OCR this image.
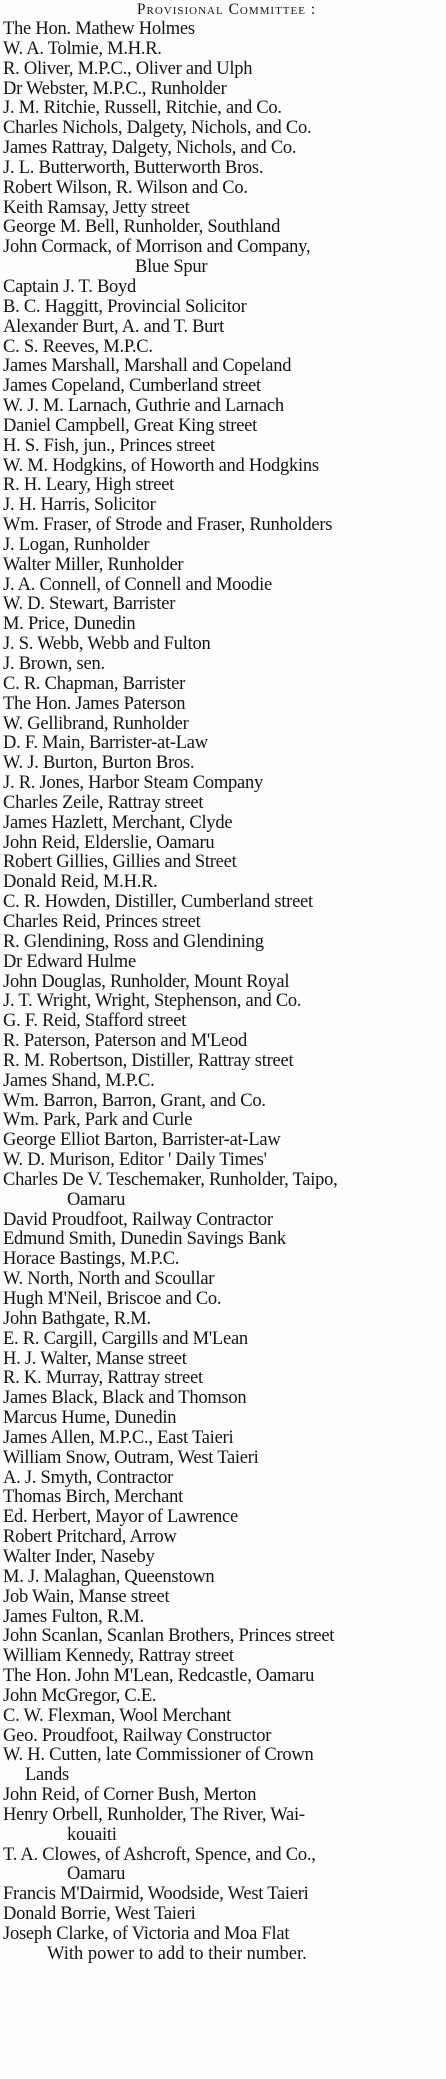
Provisional Committee :
The Hon. Mathew Holmes
W. A. Tolmie, M.H.R.
R. Oliver, M.P.C., Oliver and Ulph
Dr Webster, M.P.C., Runholder
J. M. Ritchie, Russell, Ritchie, and Co.
Charles Nichols, Dalgety, Nichols, and Co.
James Rattray, Dalgety, Nichols, and Co.
J. L. Butterworth, Butterworth Bros.
Robert Wilson, R. Wilson and Co.
Keith Ramsay, Jetty street
George M. Bell, Runholder, Southland
John Cormack, of Morrison and Company,
Blue Spur
Captain J. T. Boyd
B. C. Haggitt, Provincial Solicitor
Alexander Burt, A. and T. Burt
C. S. Reeves, M.P.C.
James Marshall, Marshall and Copeland
James Copeland, Cumberland street
W. J. M. Larnach, Guthrie and Larnach
Daniel Campbell, Great King street
H. S. Fish, jun., Princes street
W. M. Hodgkins, of Howorth and Hodgkins
R. H. Leary, High street
J. H. Harris, Solicitor
Wm. Fraser, of Strode and Fraser, Runholders
J. Logan, Runholder
Walter Miller, Runholder
J. A. Connell, of Connell and Moodie
W. D. Stewart, Barrister
M. Price, Dunedin
J. S. Webb, Webb and Fulton
J. Brown, sen.
C. R. Chapman, Barrister
The Hon. James Paterson
W. Gellibrand, Runholder
D. F. Main, Barrister-at-Law
W. J. Burton, Burton Bros.
J. R. Jones, Harbor Steam Company
Charles Zeile, Rattray street
James Hazlett, Merchant, Clyde
John Reid, Elderslie, Oamaru
Robert Gillies, Gillies and Street
Donald Reid, M.H.R.
C. R. Howden, Distiller, Cumberland street
Charles Reid, Princes street
R. Glendining, Ross and Glendining
Dr Edward Hulme
John Douglas, Runholder, Mount Royal
J. T. Wright, Wright, Stephenson, and Co.
G. F. Reid, Stafford street
R. Paterson, Paterson and M'Leod
R. M. Robertson, Distiller, Rattray street
James Shand, M.P.C.
Wm. Barron, Barron, Grant, and Co.
Wm. Park, Park and Curle
George Elliot Barton, Barrister-at-Law
W. D. Murison, Editor ' Daily Times'
Charles De V. Teschemaker, Runholder, Taipo,
Oamaru
David Proudfoot, Railway Contractor
Edmund Smith, Dunedin Savings Bank
Horace Bastings, M.P.C.
W. North, North and Scoullar
Hugh M'Neil, Briscoe and Co.
John Bathgate, R.M.
E. R. Cargill, Cargills and M'Lean
H. J. Walter, Manse street
R. K. Murray, Rattray street
James Black, Black and Thomson
Marcus Hume, Dunedin
James Allen, M.P.C., East Taieri
William Snow, Outram, West Taieri
A. J. Smyth, Contractor
Thomas Birch, Merchant
Ed. Herbert, Mayor of Lawrence
Robert Pritchard, Arrow
Walter Inder, Naseby
M. J. Malaghan, Queenstown
Job Wain, Manse street
James Fulton, R.M.
John Scanlan, Scanlan Brothers, Princes street
William Kennedy, Rattray street
The Hon. John M'Lean, Redcastle, Oamaru
John McGregor, C.E.
C. W. Flexman, Wool Merchant
Geo. Proudfoot, Railway Constructor
W. H. Cutten, late Commissioner of Crown
Lands
John Reid, of Corner Bush, Merton
Henry Orbell, Runholder, The River, Wai-
kouaiti
T. A. Clowes, of Ashcroft, Spence, and Co.,
Oamaru
Francis M'Dairmid, Woodside, West Taieri
Donald Borrie, West Taieri
Joseph Clarke, of Victoria and Moa Flat
With power to add to their number.
